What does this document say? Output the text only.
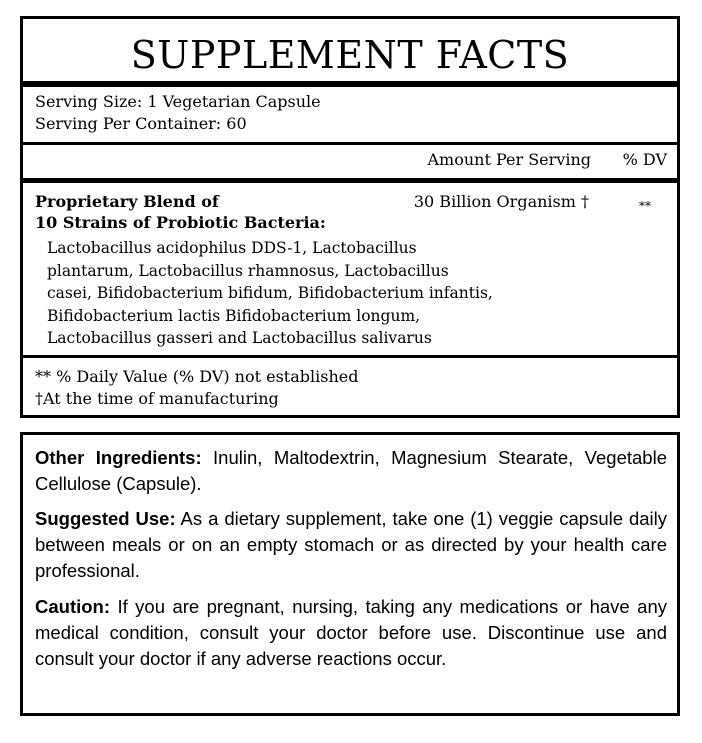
SUPPLEMENT FACTS
Serving Size: 1 Vegetarian Capsule
Serving Per Container: 60
Amount Per Serving % DV
Proprietary Blend of
10 Strains of Probiotic Bacteria:
30 Billion Organism †	**
Lactobacillus acidophilus DDS-1, Lactobacillus
plantarum, Lactobacillus rhamnosus, Lactobacillus
casei, Bifidobacterium bifidum, Bifidobacterium infantis,
Bifidobacterium lactis Bifidobacterium longum,
Lactobacillus gasseri and Lactobacillus salivarus
** % Daily Value (% DV) not established
†At the time of manufacturing
Other Ingredients: Inulin, Maltodextrin, Magnesium Stearate, Vegetable Cellulose (Capsule).
Suggested Use: As a dietary supplement, take one (1) veggie capsule daily between meals or on an empty stomach or as directed by your health care professional.
Caution: If you are pregnant, nursing, taking any medications or have any medical condition, consult your doctor before use. Discontinue use and consult your doctor if any adverse reactions occur.
